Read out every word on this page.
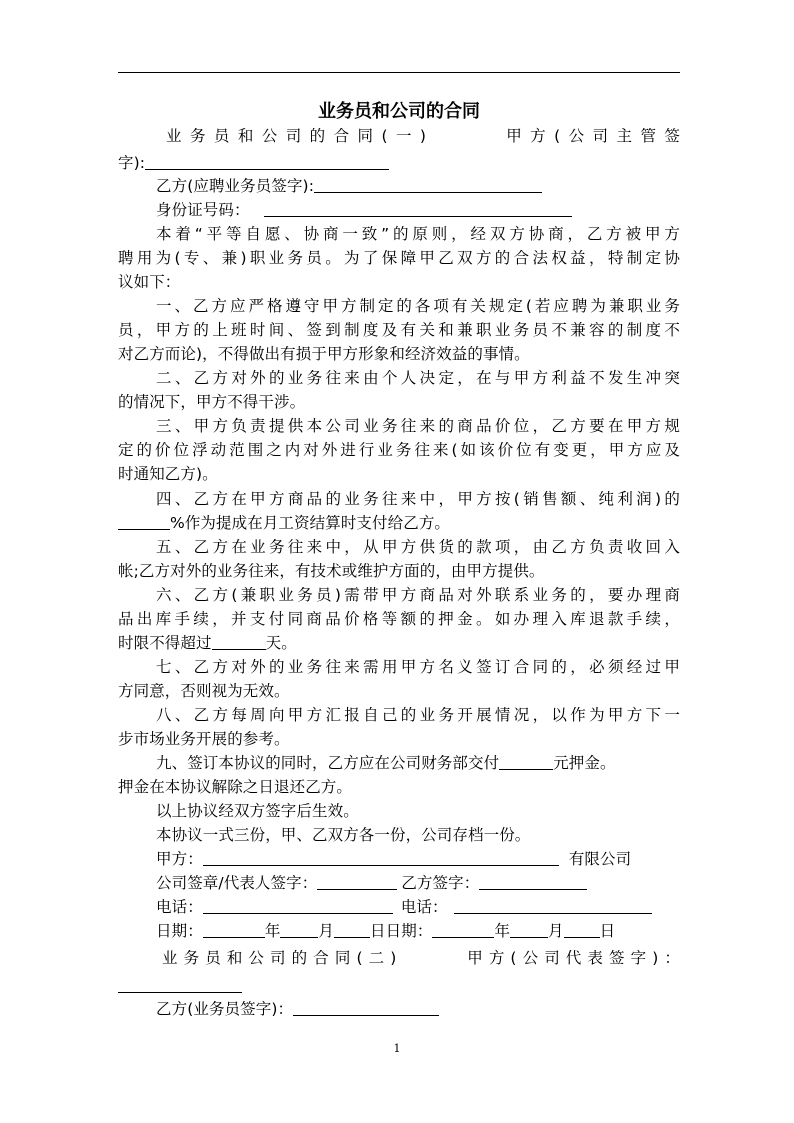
业务员和公司的合同
业务员和公司的合同(一)　　　甲方(公司主管签
字):
乙方(应聘业务员签字):
身份证号码：
本着“平等自愿、协商一致”的原则，经双方协商，乙方被甲方
聘用为(专、兼)职业务员。为了保障甲乙双方的合法权益，特制定协
议如下：
一、乙方应严格遵守甲方制定的各项有关规定(若应聘为兼职业务
员，甲方的上班时间、签到制度及有关和兼职业务员不兼容的制度不
对乙方而论)，不得做出有损于甲方形象和经济效益的事情。
二、乙方对外的业务往来由个人决定，在与甲方利益不发生冲突
的情况下，甲方不得干涉。
三、甲方负责提供本公司业务往来的商品价位，乙方要在甲方规
定的价位浮动范围之内对外进行业务往来(如该价位有变更，甲方应及
时通知乙方)。
四、乙方在甲方商品的业务往来中，甲方按(销售额、纯利润)的
%作为提成在月工资结算时支付给乙方。
五、乙方在业务往来中，从甲方供货的款项，由乙方负责收回入
帐;乙方对外的业务往来，有技术或维护方面的，由甲方提供。
六、乙方(兼职业务员)需带甲方商品对外联系业务的，要办理商
品出库手续，并支付同商品价格等额的押金。如办理入库退款手续，
时限不得超过	天。
七、乙方对外的业务往来需用甲方名义签订合同的，必须经过甲
方同意，否则视为无效。
八、乙方每周向甲方汇报自己的业务开展情况，以作为甲方下一
步市场业务开展的参考。
九、签订本协议的同时，乙方应在公司财务部交付	元押金。
押金在本协议解除之日退还乙方。
以上协议经双方签字后生效。
本协议一式三份，甲、乙双方各一份，公司存档一份。
甲方：	有限公司
公司签章/代表人签字：	乙方签字：
电话：	电话：
日期：	年 月 日日期：	年 月 日
业务员和公司的合同(二)　　　甲方(公司代表签字)：
乙方(业务员签字)：
1
